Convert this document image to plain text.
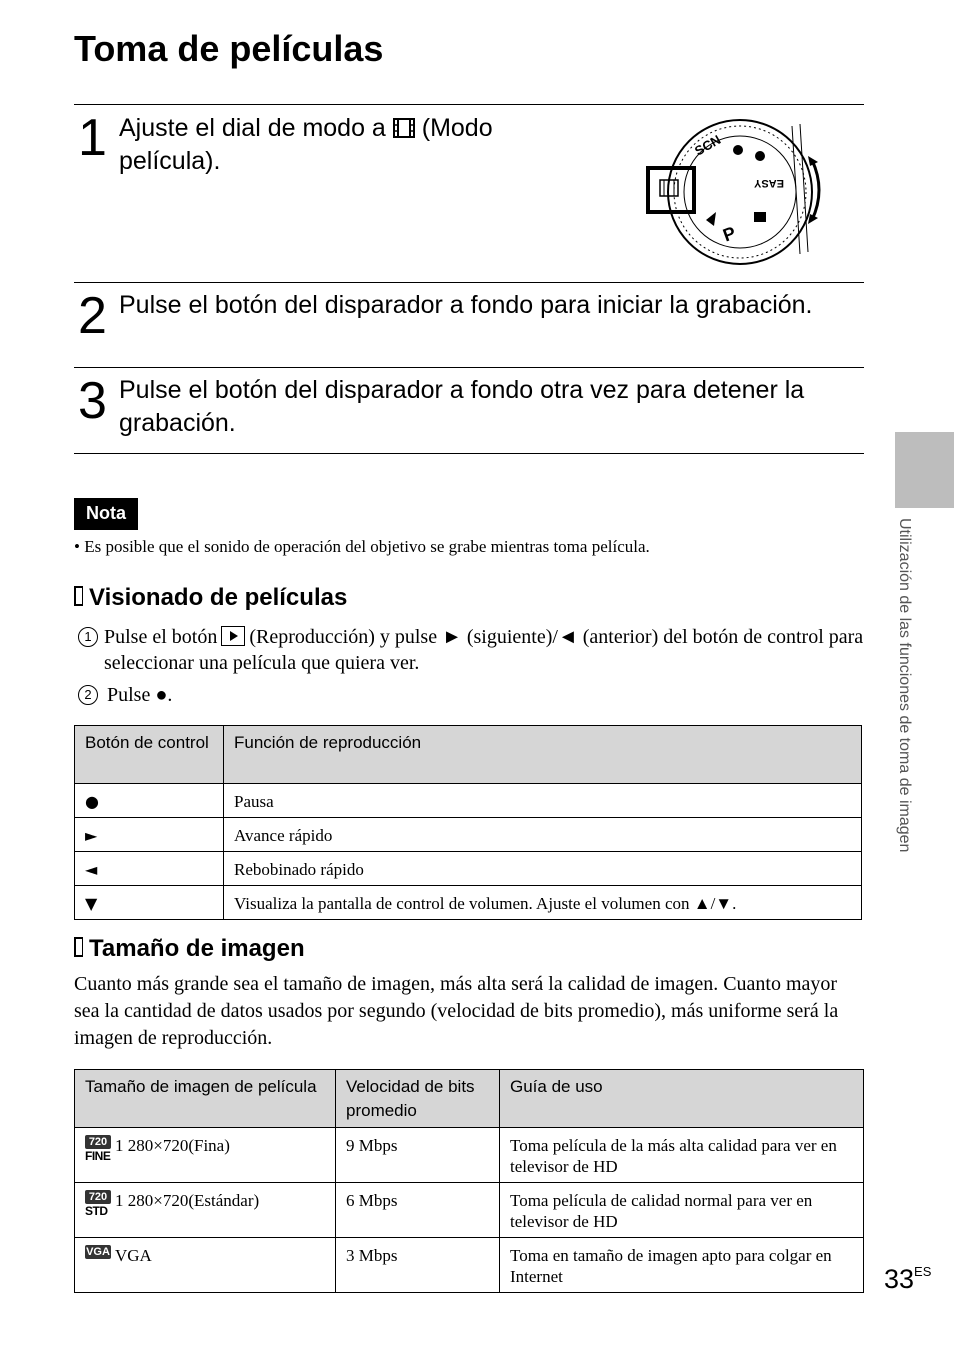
Toma de películas
1 Ajuste el dial de modo a (Modo película).
SCN
EASY
P
2 Pulse el botón del disparador a fondo para iniciar la grabación.
3 Pulse el botón del disparador a fondo otra vez para detener la grabación.
Nota
• Es posible que el sonido de operación del objetivo se grabe mientras toma película.
Visionado de películas
1 Pulse el botón (Reproducción) y pulse ► (siguiente)/◄ (anterior) del botón de control para seleccionar una película que quiera ver.
2 Pulse ●.
Botón de control	Función de reproducción
●	Pausa
►	Avance rápido
◄	Rebobinado rápido
▼	Visualiza la pantalla de control de volumen. Ajuste el volumen con ▲/▼.
Tamaño de imagen

Cuanto más grande sea el tamaño de imagen, más alta será la calidad de imagen. Cuanto mayor sea la cantidad de datos usados por segundo (velocidad de bits promedio), más uniforme será la imagen de reproducción.

Tamaño de imagen de película	Velocidad de bits promedio	Guía de uso

720
FINE
1 280×720(Fina)	9 Mbps	Toma película de la más alta calidad para ver en televisor de HD

720
STD
1 280×720(Estándar)	6 Mbps	Toma película de calidad normal para ver en televisor de HD

VGA VGA	3 Mbps	Toma en tamaño de imagen apto para colgar en Internet
Utilización de las funciones de toma de imagen
$33^{ES}$
